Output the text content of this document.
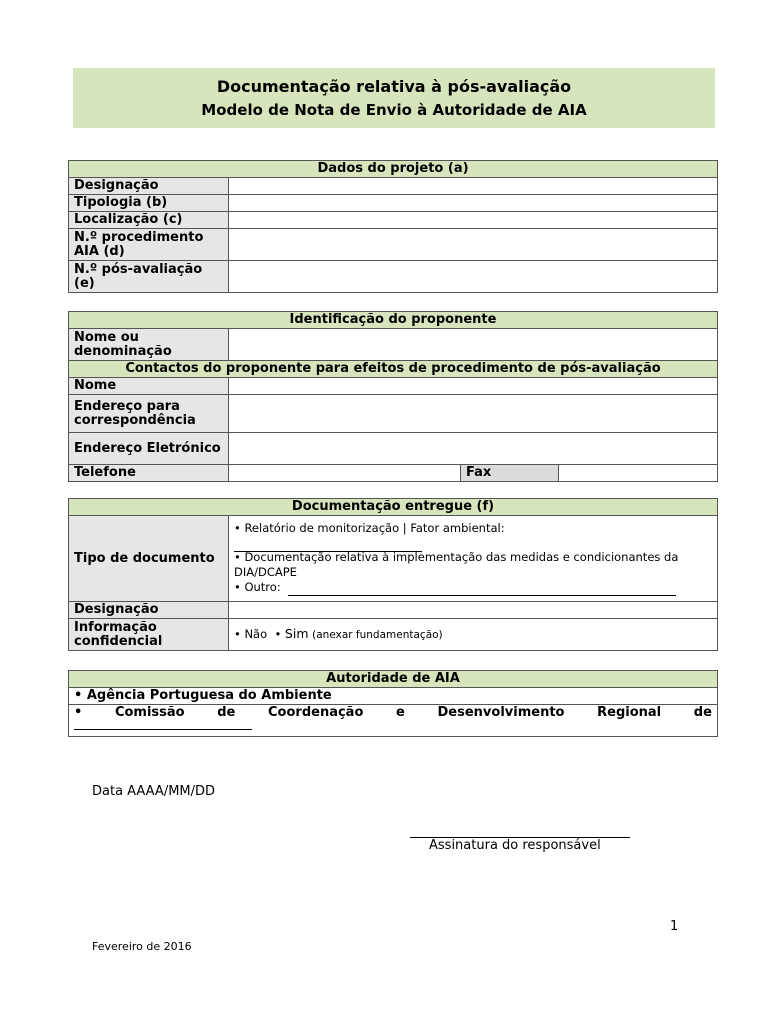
Documentação relativa à pós-avaliação
Modelo de Nota de Envio à Autoridade de AIA
Dados do projeto (a)	
Designação	
Tipologia (b)	
Localização (c)	
N.º procedimento AIA (d)	
N.º pós-avaliação (e)	
Identificação do proponente			
Nome ou denominação			
Contactos do proponente para efeitos de procedimento de pós-avaliação			
Nome			
Endereço para correspondência			
Endereço Eletrónico			
Telefone		Fax	
Documentação entregue (f)	
Tipo de documento	• Relatório de monitorização | Fator ambiental:

• Documentação relativa à implementação das medidas e condicionantes da DIA/DCAPE
• Outro:

Designação	
Informação confidencial	• Não • Sim (anexar fundamentação)
Autoridade de AIA
• Agência Portuguesa do Ambiente

•	Comissão	de	Coordenação	e	Desenvolvimento	Regional	de
Data AAAA/MM/DD
Assinatura do responsável
1
Fevereiro de 2016
